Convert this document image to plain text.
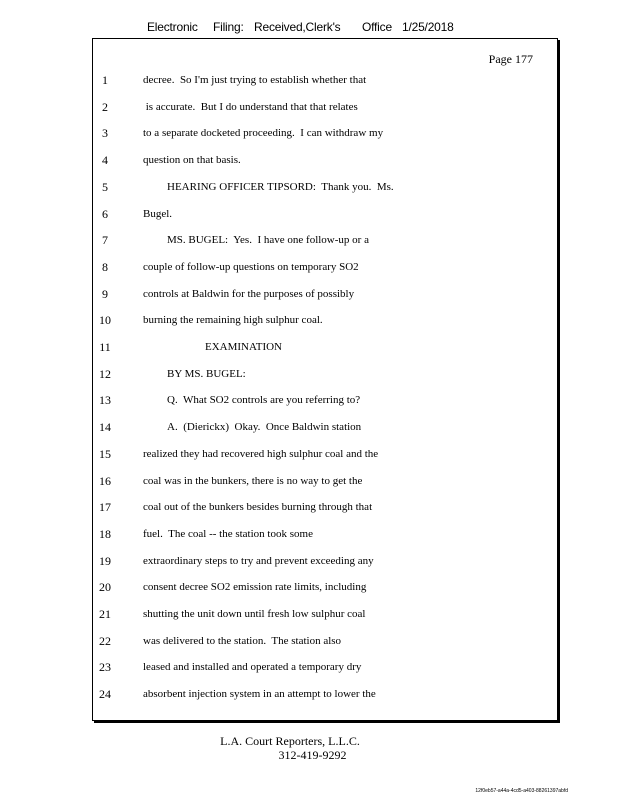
Electronic Filing: Received,Clerk's Office 1/25/2018
Page 177
1	decree.  So I'm just trying to establish whether that
2	is accurate.  But I do understand that that relates
3	to a separate docketed proceeding.  I can withdraw my
4	question on that basis.
5	HEARING OFFICER TIPSORD:  Thank you.  Ms.
6	Bugel.
7	MS. BUGEL:  Yes.  I have one follow-up or a
8	couple of follow-up questions on temporary SO2
9	controls at Baldwin for the purposes of possibly
10	burning the remaining high sulphur coal.
11	EXAMINATION
12	BY MS. BUGEL:
13	Q.  What SO2 controls are you referring to?
14	A.  (Dierickx)  Okay.  Once Baldwin station
15	realized they had recovered high sulphur coal and the
16	coal was in the bunkers, there is no way to get the
17	coal out of the bunkers besides burning through that
18	fuel.  The coal -- the station took some
19	extraordinary steps to try and prevent exceeding any
20	consent decree SO2 emission rate limits, including
21	shutting the unit down until fresh low sulphur coal
22	was delivered to the station.  The station also
23	leased and installed and operated a temporary dry
24	absorbent injection system in an attempt to lower the
L.A. Court Reporters, L.L.C.
312-419-9292
12f0eb57-a44a-4cd5-a403-88261397abfd
